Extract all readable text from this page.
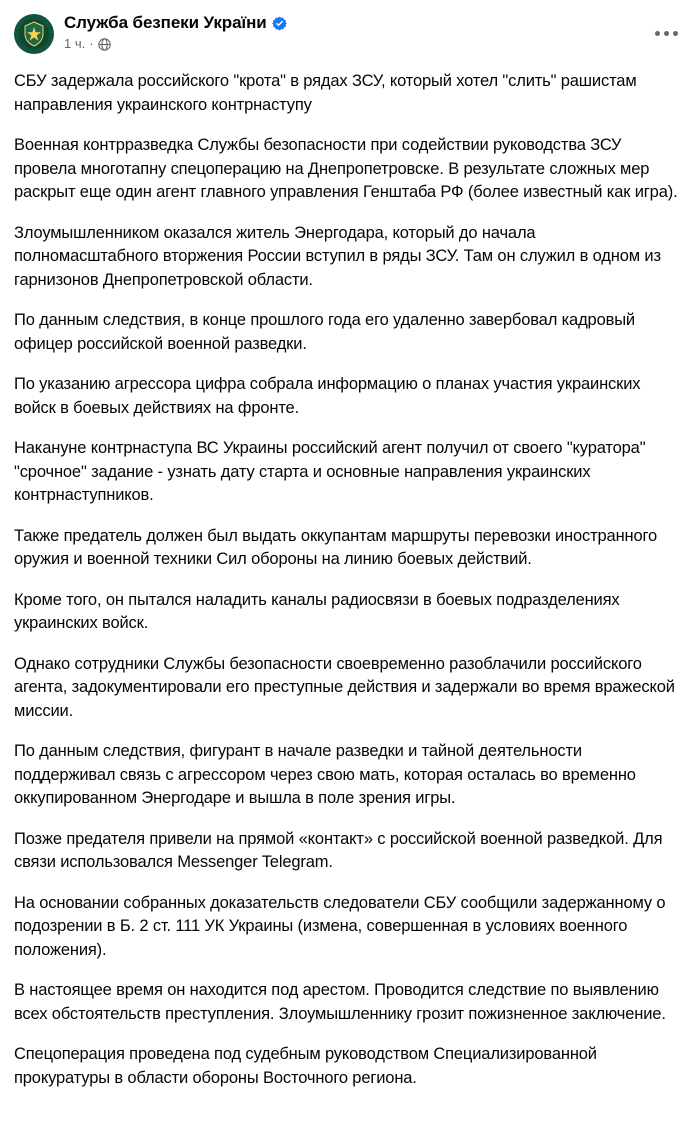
Служба безпеки України
1 ч. ·

СБУ задержала российского "крота" в рядах ЗСУ, который хотел "слить" рашистам направления украинского контрнаступу

Военная контрразведка Службы безопасности при содействии руководства ЗСУ провела многотапну спецоперацию на Днепропетровске. В результате сложных мер раскрыт еще один агент главного управления Генштаба РФ (более известный как игра).

Злоумышленником оказался житель Энергодара, который до начала полномасштабного вторжения России вступил в ряды ЗСУ. Там он служил в одном из гарнизонов Днепропетровской области.

По данным следствия, в конце прошлого года его удаленно завербовал кадровый офицер российской военной разведки.

По указанию агрессора цифра собрала информацию о планах участия украинских войск в боевых действиях на фронте.

Накануне контрнаступа ВС Украины российский агент получил от своего "куратора" "срочное" задание - узнать дату старта и основные направления украинских контрнаступников.

Также предатель должен был выдать оккупантам маршруты перевозки иностранного оружия и военной техники Сил обороны на линию боевых действий.

Кроме того, он пытался наладить каналы радиосвязи в боевых подразделениях украинских войск.

Однако сотрудники Службы безопасности своевременно разоблачили российского агента, задокументировали его преступные действия и задержали во время вражеской миссии.

По данным следствия, фигурант в начале разведки и тайной деятельности поддерживал связь с агрессором через свою мать, которая осталась во временно оккупированном Энергодаре и вышла в поле зрения игры.

Позже предателя привели на прямой «контакт» с российской военной разведкой. Для связи использовался Messenger Telegram.

На основании собранных доказательств следователи СБУ сообщили задержанному о подозрении в Б. 2 ст. 111 УК Украины (измена, совершенная в условиях военного положения).

В настоящее время он находится под арестом. Проводится следствие по выявлению всех обстоятельств преступления. Злоумышленнику грозит пожизненное заключение.

Спецоперация проведена под судебным руководством Специализированной прокуратуры в области обороны Восточного региона.
